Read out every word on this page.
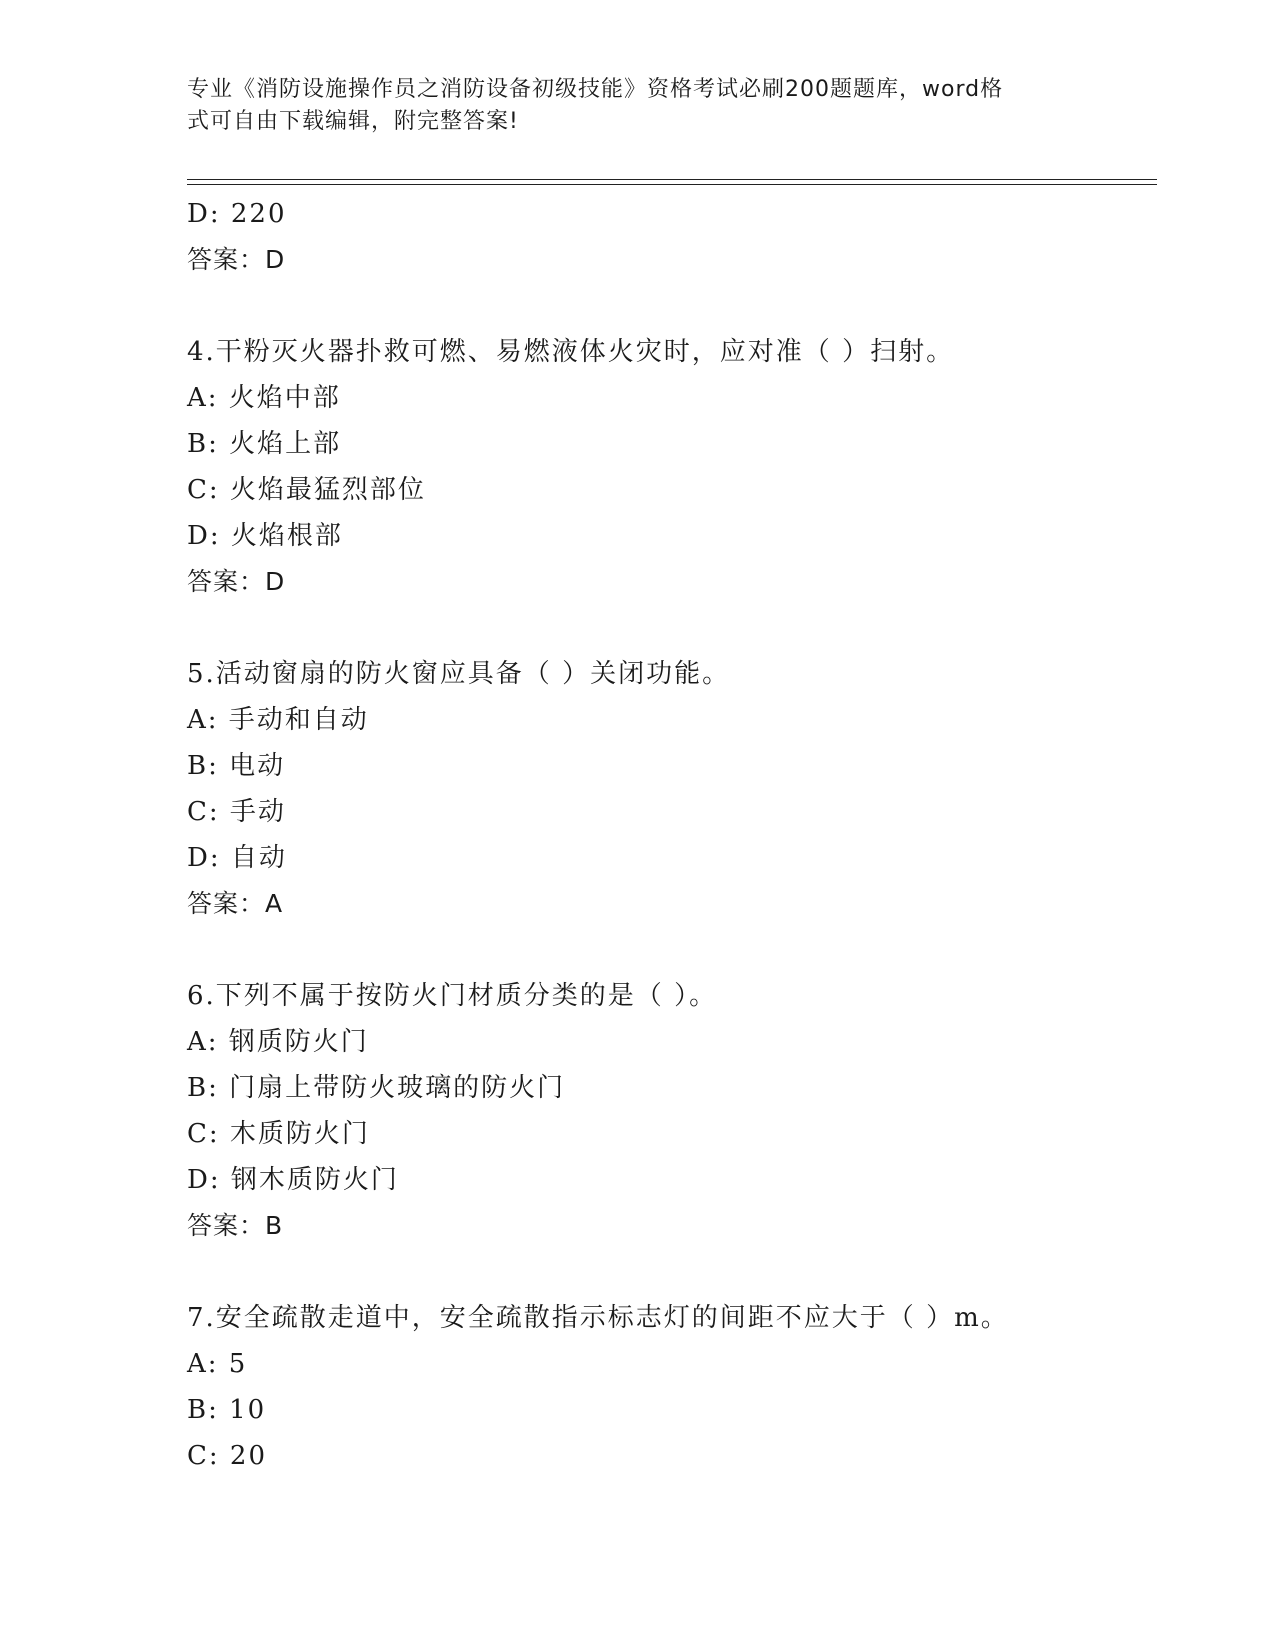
专业《消防设施操作员之消防设备初级技能》资格考试必刷200题题库，word格
式可自由下载编辑，附完整答案!
D: 220
答案：D
4.干粉灭火器扑救可燃、易燃液体火灾时，应对准（ ）扫射。
A: 火焰中部
B: 火焰上部
C: 火焰最猛烈部位
D: 火焰根部
答案：D
5.活动窗扇的防火窗应具备（ ）关闭功能。
A: 手动和自动
B: 电动
C: 手动
D: 自动
答案：A
6.下列不属于按防火门材质分类的是（ ）。
A: 钢质防火门
B: 门扇上带防火玻璃的防火门
C: 木质防火门
D: 钢木质防火门
答案：B
7.安全疏散走道中，安全疏散指示标志灯的间距不应大于（ ）m。
A: 5
B: 10
C: 20
